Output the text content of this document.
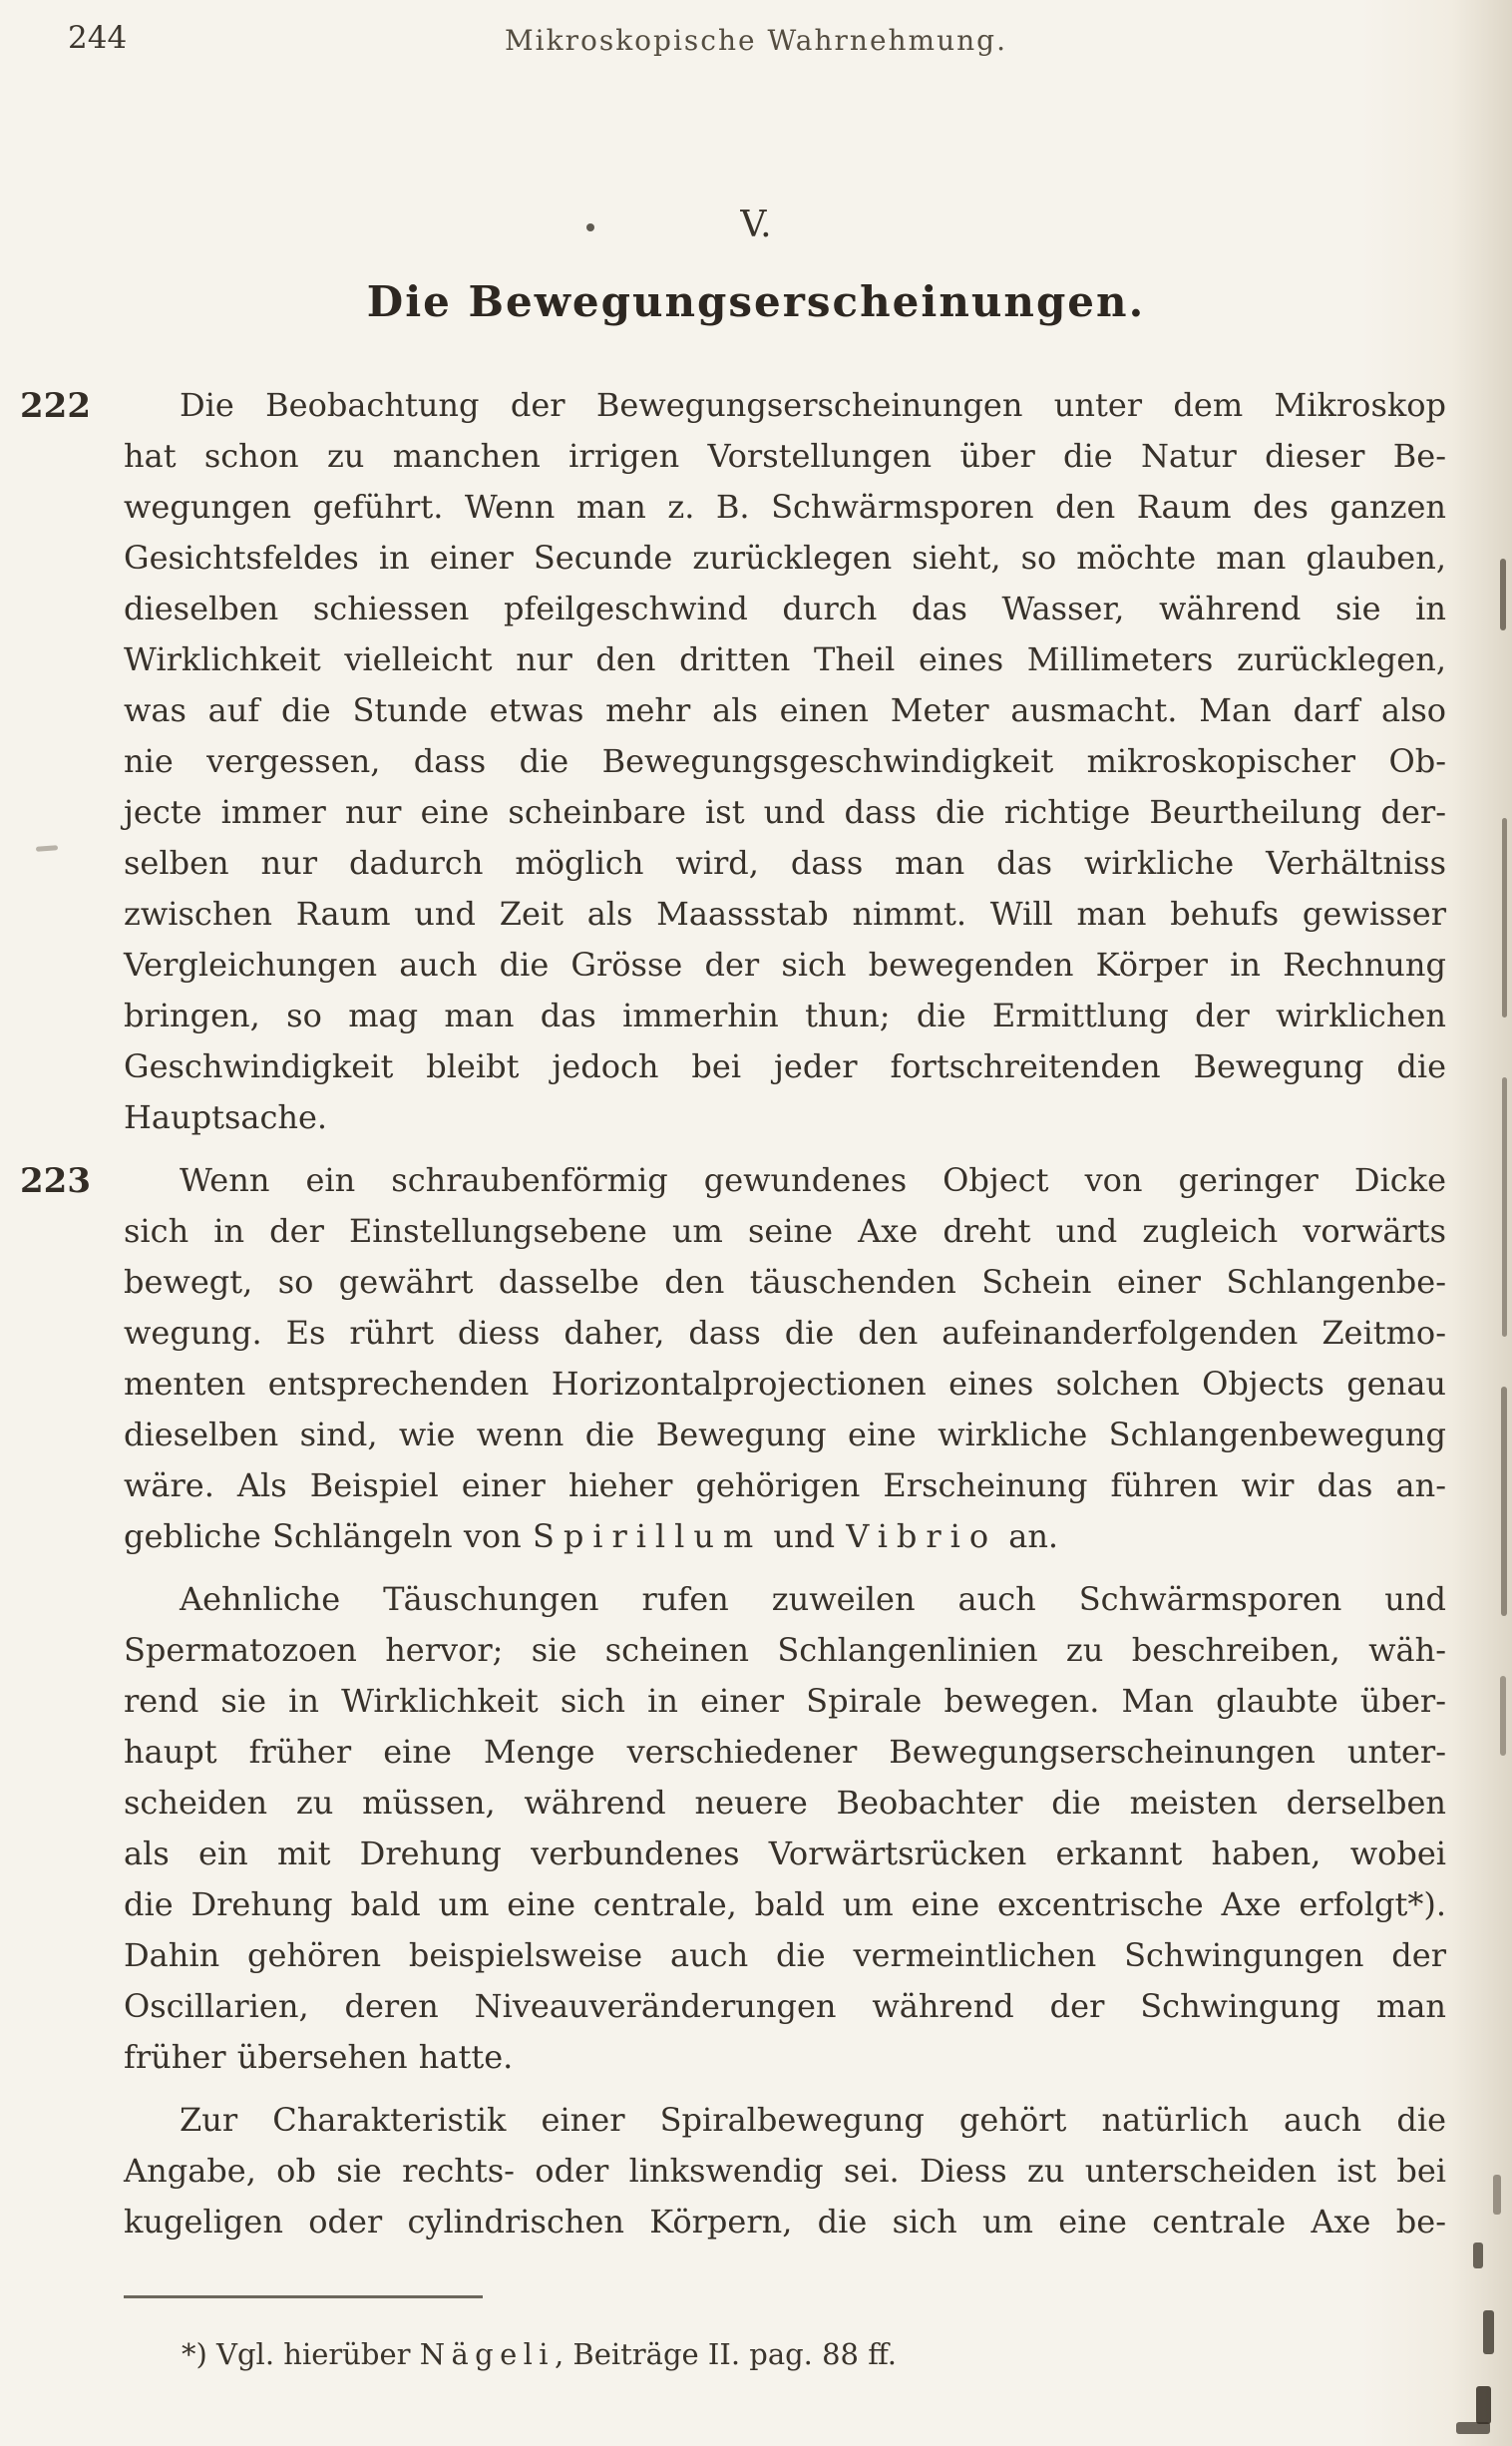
244	Mikroskopische Wahrnehmung.
V.
Die Bewegungserscheinungen.
222	Die Beobachtung der Bewegungserscheinungen unter dem Mikroskop
hat schon zu manchen irrigen Vorstellungen über die Natur dieser Be-
wegungen geführt. Wenn man z. B. Schwärmsporen den Raum des ganzen
Gesichtsfeldes in einer Secunde zurücklegen sieht, so möchte man glauben,
dieselben schiessen pfeilgeschwind durch das Wasser, während sie in
Wirklichkeit vielleicht nur den dritten Theil eines Millimeters zurücklegen,
was auf die Stunde etwas mehr als einen Meter ausmacht. Man darf also
nie vergessen, dass die Bewegungsgeschwindigkeit mikroskopischer Ob-
jecte immer nur eine scheinbare ist und dass die richtige Beurtheilung der-
selben nur dadurch möglich wird, dass man das wirkliche Verhältniss
zwischen Raum und Zeit als Maassstab nimmt. Will man behufs gewisser
Vergleichungen auch die Grösse der sich bewegenden Körper in Rechnung
bringen, so mag man das immerhin thun; die Ermittlung der wirklichen
Geschwindigkeit bleibt jedoch bei jeder fortschreitenden Bewegung die
Hauptsache.
223	Wenn ein schraubenförmig gewundenes Object von geringer Dicke
sich in der Einstellungsebene um seine Axe dreht und zugleich vorwärts
bewegt, so gewährt dasselbe den täuschenden Schein einer Schlangenbe-
wegung. Es rührt diess daher, dass die den aufeinanderfolgenden Zeitmo-
menten entsprechenden Horizontalprojectionen eines solchen Objects genau
dieselben sind, wie wenn die Bewegung eine wirkliche Schlangenbewegung
wäre. Als Beispiel einer hieher gehörigen Erscheinung führen wir das an-
gebliche Schlängeln von Spirillum und Vibrio an.
Aehnliche Täuschungen rufen zuweilen auch Schwärmsporen und
Spermatozoen hervor; sie scheinen Schlangenlinien zu beschreiben, wäh-
rend sie in Wirklichkeit sich in einer Spirale bewegen. Man glaubte über-
haupt früher eine Menge verschiedener Bewegungserscheinungen unter-
scheiden zu müssen, während neuere Beobachter die meisten derselben
als ein mit Drehung verbundenes Vorwärtsrücken erkannt haben, wobei
die Drehung bald um eine centrale, bald um eine excentrische Axe erfolgt*).
Dahin gehören beispielsweise auch die vermeintlichen Schwingungen der
Oscillarien, deren Niveauveränderungen während der Schwingung man
früher übersehen hatte.
Zur Charakteristik einer Spiralbewegung gehört natürlich auch die
Angabe, ob sie rechts- oder linkswendig sei. Diess zu unterscheiden ist bei
kugeligen oder cylindrischen Körpern, die sich um eine centrale Axe be-

*) Vgl. hierüber Nägeli, Beiträge II. pag. 88 ff.
